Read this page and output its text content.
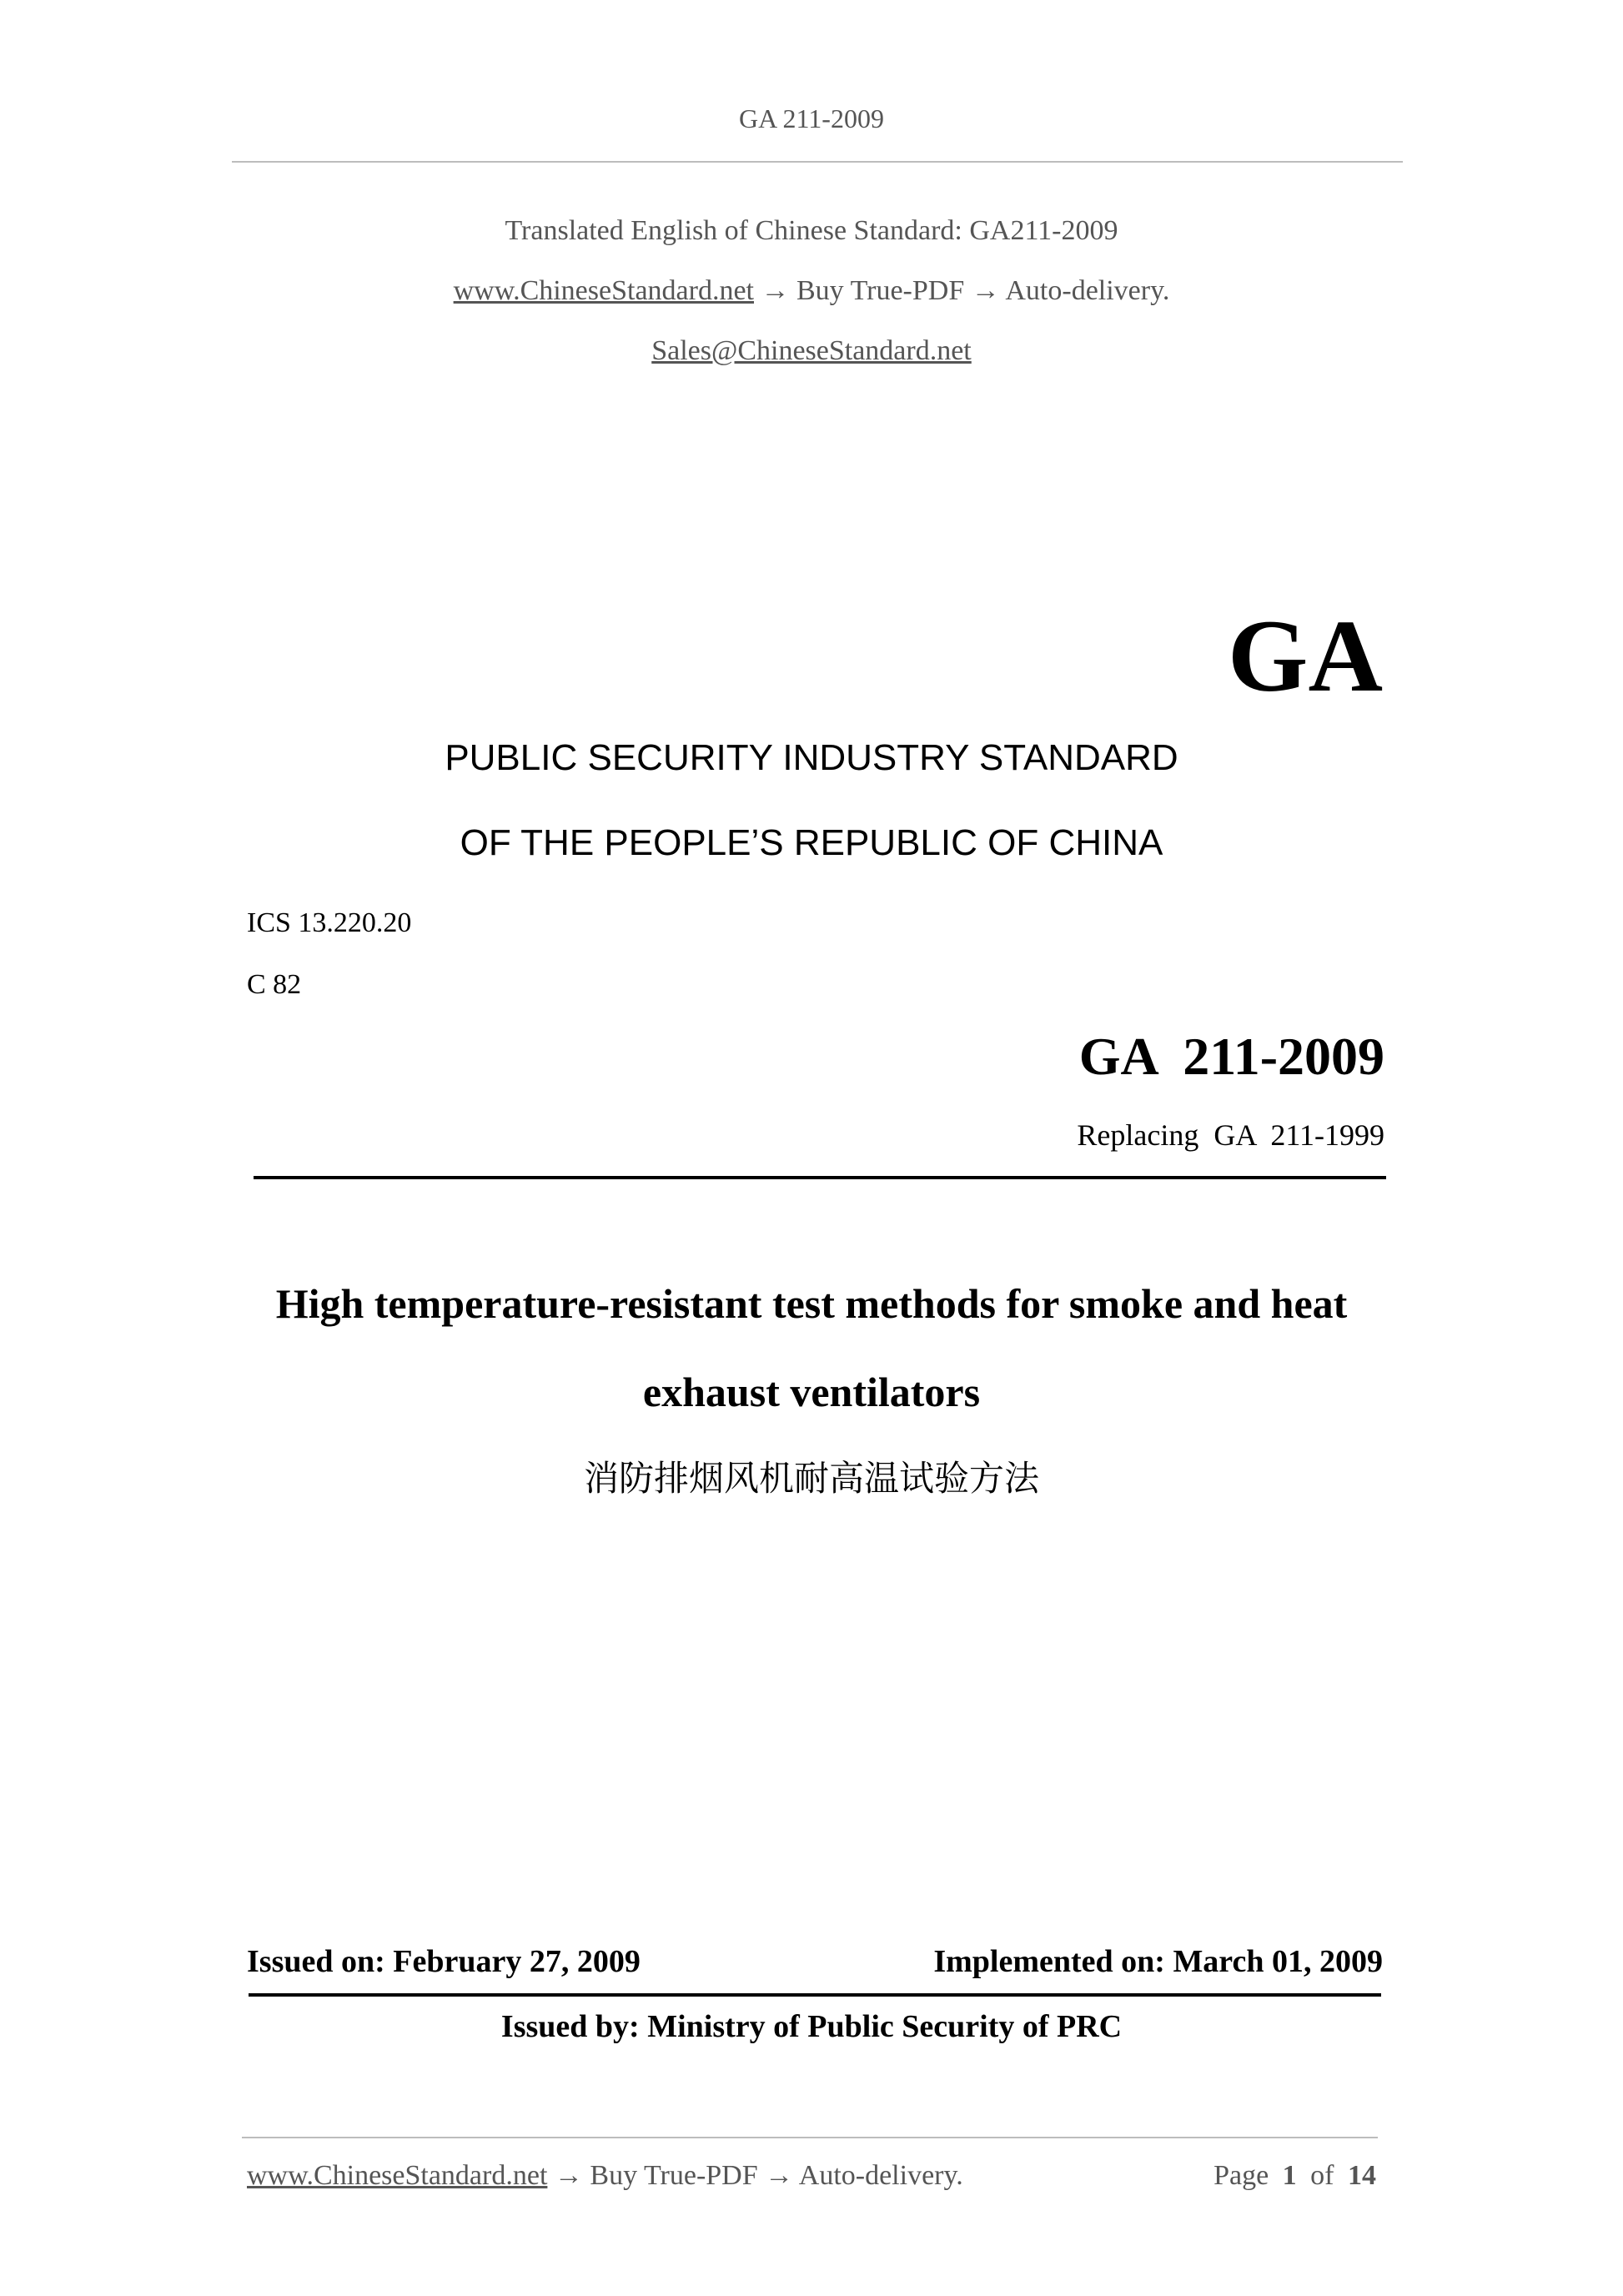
GA 211-2009
Translated English of Chinese Standard: GA211-2009
www.ChineseStandard.net → Buy True-PDF → Auto-delivery.
Sales@ChineseStandard.net
GA
PUBLIC SECURITY INDUSTRY STANDARD
OF THE PEOPLE’S REPUBLIC OF CHINA
ICS 13.220.20
C 82
GA  211-2009
Replacing  GA  211-1999
High temperature-resistant test methods for smoke and heat
exhaust ventilators
消防排烟风机耐高温试验方法
Issued on: February 27, 2009	Implemented on: March 01, 2009
Issued by: Ministry of Public Security of PRC
www.ChineseStandard.net → Buy True-PDF → Auto-delivery.	Page 1 of 14
